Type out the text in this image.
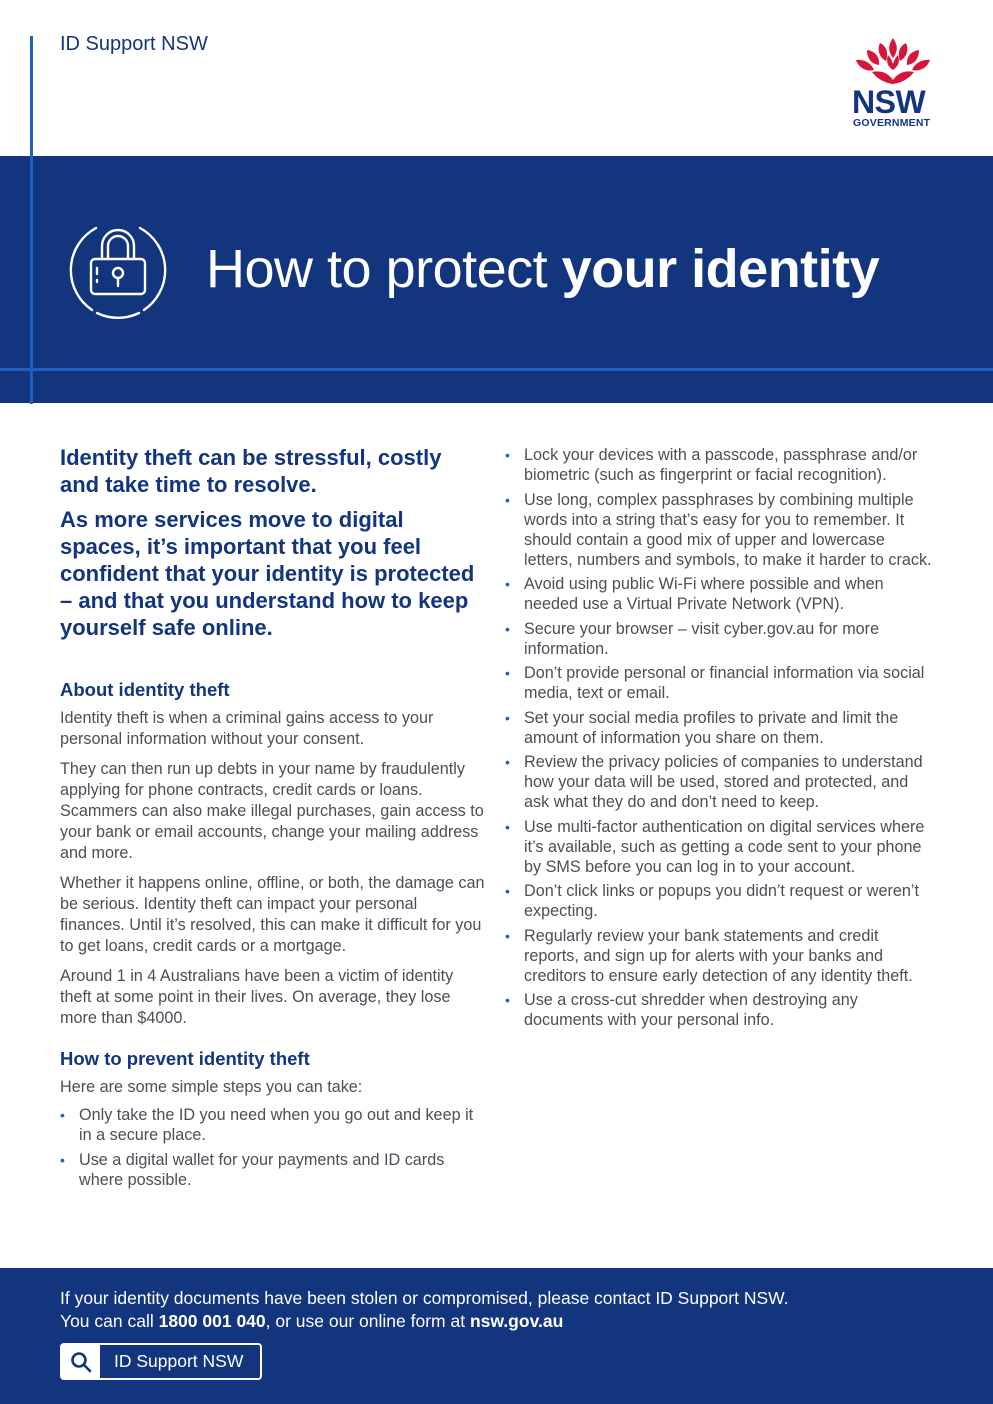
ID Support NSW
NSW
GOVERNMENT
How to protect your identity
Identity theft can be stressful, costly and take time to resolve.
As more services move to digital spaces, it’s important that you feel confident that your identity is protected – and that you understand how to keep yourself safe online.
About identity theft

Identity theft is when a criminal gains access to your personal information without your consent.

They can then run up debts in your name by fraudulently applying for phone contracts, credit cards or loans. Scammers can also make illegal purchases, gain access to your bank or email accounts, change your mailing address and more.

Whether it happens online, offline, or both, the damage can be serious. Identity theft can impact your personal finances. Until it’s resolved, this can make it difficult for you to get loans, credit cards or a mortgage.

Around 1 in 4 Australians have been a victim of identity theft at some point in their lives. On average, they lose more than $4000.

How to prevent identity theft

Here are some simple steps you can take:

• Only take the ID you need when you go out and keep it in a secure place.
• Use a digital wallet for your payments and ID cards where possible.
• Lock your devices with a passcode, passphrase and/or biometric (such as fingerprint or facial recognition).
• Use long, complex passphrases by combining multiple words into a string that’s easy for you to remember. It should contain a good mix of upper and lowercase letters, numbers and symbols, to make it harder to crack.
• Avoid using public Wi-Fi where possible and when needed use a Virtual Private Network (VPN).
• Secure your browser – visit cyber.gov.au for more information.
• Don’t provide personal or financial information via social media, text or email.
• Set your social media profiles to private and limit the amount of information you share on them.
• Review the privacy policies of companies to understand how your data will be used, stored and protected, and ask what they do and don’t need to keep.
• Use multi-factor authentication on digital services where it’s available, such as getting a code sent to your phone by SMS before you can log in to your account.
• Don’t click links or popups you didn’t request or weren’t expecting.
• Regularly review your bank statements and credit reports, and sign up for alerts with your banks and creditors to ensure early detection of any identity theft.
• Use a cross-cut shredder when destroying any documents with your personal info.
If your identity documents have been stolen or compromised, please contact ID Support NSW.
You can call 1800 001 040, or use our online form at nsw.gov.au
ID Support NSW
